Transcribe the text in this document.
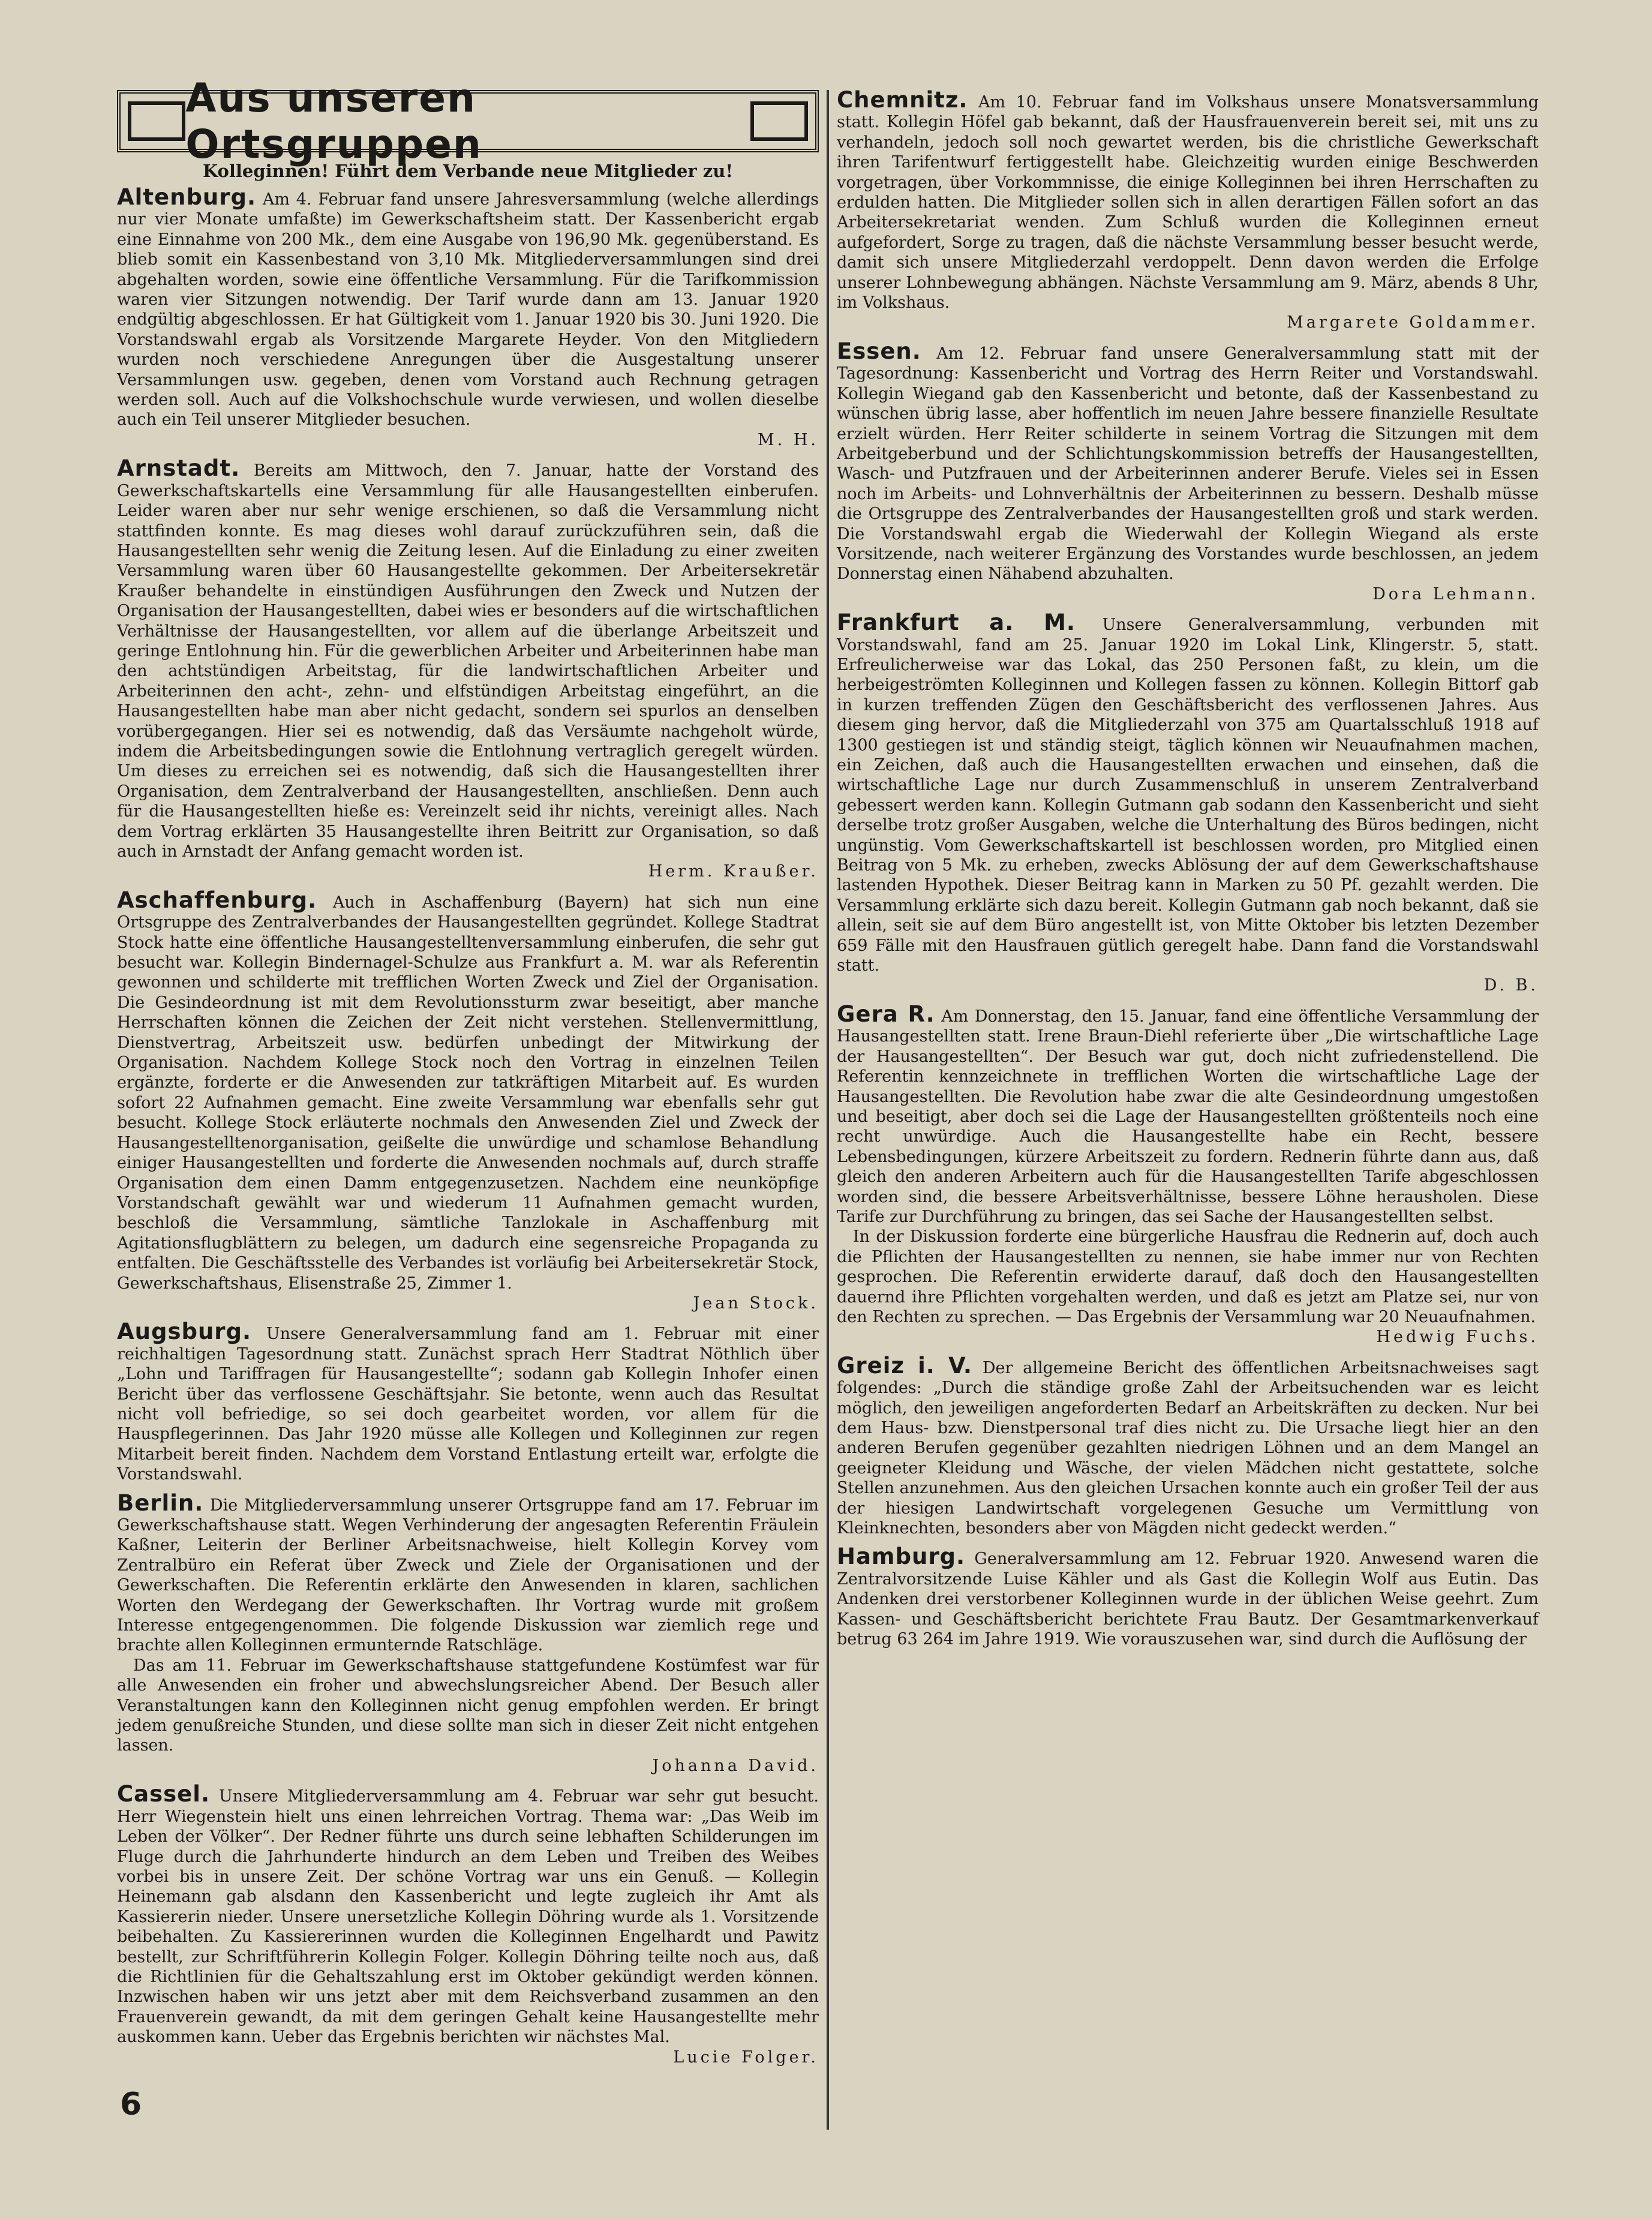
Aus unseren Ortsgruppen
Kolleginnen! Führt dem Verbande neue Mitglieder zu!

Altenburg. Am 4. Februar fand unsere Jahresversammlung (welche allerdings nur vier Monate umfaßte) im Gewerkschaftsheim statt. Der Kassenbericht ergab eine Einnahme von 200 Mk., dem eine Ausgabe von 196,90 Mk. gegenüberstand. Es blieb somit ein Kassenbestand von 3,10 Mk. Mitgliederversammlungen sind drei abgehalten worden, sowie eine öffentliche Versammlung. Für die Tarifkommission waren vier Sitzungen notwendig. Der Tarif wurde dann am 13. Januar 1920 endgültig abgeschlossen. Er hat Gültigkeit vom 1. Januar 1920 bis 30. Juni 1920. Die Vorstandswahl ergab als Vorsitzende Margarete Heyder. Von den Mitgliedern wurden noch verschiedene Anregungen über die Ausgestaltung unserer Versammlungen usw. gegeben, denen vom Vorstand auch Rechnung getragen werden soll. Auch auf die Volkshochschule wurde verwiesen, und wollen dieselbe auch ein Teil unserer Mitglieder besuchen.
M. H.

Arnstadt. Bereits am Mittwoch, den 7. Januar, hatte der Vorstand des Gewerkschaftskartells eine Versammlung für alle Hausangestellten einberufen. Leider waren aber nur sehr wenige erschienen, so daß die Versammlung nicht stattfinden konnte. Es mag dieses wohl darauf zurückzuführen sein, daß die Hausangestellten sehr wenig die Zeitung lesen. Auf die Einladung zu einer zweiten Versammlung waren über 60 Hausangestellte gekommen. Der Arbeitersekretär Kraußer behandelte in einstündigen Ausführungen den Zweck und Nutzen der Organisation der Hausangestellten, dabei wies er besonders auf die wirtschaftlichen Verhältnisse der Hausangestellten, vor allem auf die überlange Arbeitszeit und geringe Entlohnung hin. Für die gewerblichen Arbeiter und Arbeiterinnen habe man den achtstündigen Arbeitstag, für die landwirtschaftlichen Arbeiter und Arbeiterinnen den acht-, zehn- und elfstündigen Arbeitstag eingeführt, an die Hausangestellten habe man aber nicht gedacht, sondern sei spurlos an denselben vorübergegangen. Hier sei es notwendig, daß das Versäumte nachgeholt würde, indem die Arbeitsbedingungen sowie die Entlohnung vertraglich geregelt würden. Um dieses zu erreichen sei es notwendig, daß sich die Hausangestellten ihrer Organisation, dem Zentralverband der Hausangestellten, anschließen. Denn auch für die Hausangestellten hieße es: Vereinzelt seid ihr nichts, vereinigt alles. Nach dem Vortrag erklärten 35 Hausangestellte ihren Beitritt zur Organisation, so daß auch in Arnstadt der Anfang gemacht worden ist.
Herm. Kraußer.

Aschaffenburg. Auch in Aschaffenburg (Bayern) hat sich nun eine Ortsgruppe des Zentralverbandes der Hausangestellten gegründet. Kollege Stadtrat Stock hatte eine öffentliche Hausangestelltenversammlung einberufen, die sehr gut besucht war. Kollegin Bindernagel-Schulze aus Frankfurt a. M. war als Referentin gewonnen und schilderte mit trefflichen Worten Zweck und Ziel der Organisation. Die Gesindeordnung ist mit dem Revolutionssturm zwar beseitigt, aber manche Herrschaften können die Zeichen der Zeit nicht verstehen. Stellenvermittlung, Dienstvertrag, Arbeitszeit usw. bedürfen unbedingt der Mitwirkung der Organisation. Nachdem Kollege Stock noch den Vortrag in einzelnen Teilen ergänzte, forderte er die Anwesenden zur tatkräftigen Mitarbeit auf. Es wurden sofort 22 Aufnahmen gemacht. Eine zweite Versammlung war ebenfalls sehr gut besucht. Kollege Stock erläuterte nochmals den Anwesenden Ziel und Zweck der Hausangestelltenorganisation, geißelte die unwürdige und schamlose Behandlung einiger Hausangestellten und forderte die Anwesenden nochmals auf, durch straffe Organisation dem einen Damm entgegenzusetzen. Nachdem eine neunköpfige Vorstandschaft gewählt war und wiederum 11 Aufnahmen gemacht wurden, beschloß die Versammlung, sämtliche Tanzlokale in Aschaffenburg mit Agitationsflugblättern zu belegen, um dadurch eine segensreiche Propaganda zu entfalten. Die Geschäftsstelle des Verbandes ist vorläufig bei Arbeitersekretär Stock, Gewerkschaftshaus, Elisenstraße 25, Zimmer 1.
Jean Stock.

Augsburg. Unsere Generalversammlung fand am 1. Februar mit einer reichhaltigen Tagesordnung statt. Zunächst sprach Herr Stadtrat Nöthlich über „Lohn und Tariffragen für Hausangestellte“; sodann gab Kollegin Inhofer einen Bericht über das verflossene Geschäftsjahr. Sie betonte, wenn auch das Resultat nicht voll befriedige, so sei doch gearbeitet worden, vor allem für die Hauspflegerinnen. Das Jahr 1920 müsse alle Kollegen und Kolleginnen zur regen Mitarbeit bereit finden. Nachdem dem Vorstand Entlastung erteilt war, erfolgte die Vorstandswahl.

Berlin. Die Mitgliederversammlung unserer Ortsgruppe fand am 17. Februar im Gewerkschaftshause statt. Wegen Verhinderung der angesagten Referentin Fräulein Kaßner, Leiterin der Berliner Arbeitsnachweise, hielt Kollegin Korvey vom Zentralbüro ein Referat über Zweck und Ziele der Organisationen und der Gewerkschaften. Die Referentin erklärte den Anwesenden in klaren, sachlichen Worten den Werdegang der Gewerkschaften. Ihr Vortrag wurde mit großem Interesse entgegengenommen. Die folgende Diskussion war ziemlich rege und brachte allen Kolleginnen ermunternde Ratschläge.

 Das am 11. Februar im Gewerkschaftshause stattgefundene Kostümfest war für alle Anwesenden ein froher und abwechslungsreicher Abend. Der Besuch aller Veranstaltungen kann den Kolleginnen nicht genug empfohlen werden. Er bringt jedem genußreiche Stunden, und diese sollte man sich in dieser Zeit nicht entgehen lassen.
Johanna David.

Cassel. Unsere Mitgliederversammlung am 4. Februar war sehr gut besucht. Herr Wiegenstein hielt uns einen lehrreichen Vortrag. Thema war: „Das Weib im Leben der Völker“. Der Redner führte uns durch seine lebhaften Schilderungen im Fluge durch die Jahrhunderte hindurch an dem Leben und Treiben des Weibes vorbei bis in unsere Zeit. Der schöne Vortrag war uns ein Genuß. — Kollegin Heinemann gab alsdann den Kassenbericht und legte zugleich ihr Amt als Kassiererin nieder. Unsere unersetzliche Kollegin Döhring wurde als 1. Vorsitzende beibehalten. Zu Kassiererinnen wurden die Kolleginnen Engelhardt und Pawitz bestellt, zur Schriftführerin Kollegin Folger. Kollegin Döhring teilte noch aus, daß die Richtlinien für die Gehaltszahlung erst im Oktober gekündigt werden können. Inzwischen haben wir uns jetzt aber mit dem Reichsverband zusammen an den Frauenverein gewandt, da mit dem geringen Gehalt keine Hausangestellte mehr auskommen kann. Ueber das Ergebnis berichten wir nächstes Mal.
Lucie Folger.

Chemnitz. Am 10. Februar fand im Volkshaus unsere Monatsversammlung statt. Kollegin Höfel gab bekannt, daß der Hausfrauenverein bereit sei, mit uns zu verhandeln, jedoch soll noch gewartet werden, bis die christliche Gewerkschaft ihren Tarifentwurf fertiggestellt habe. Gleichzeitig wurden einige Beschwerden vorgetragen, über Vorkommnisse, die einige Kolleginnen bei ihren Herrschaften zu erdulden hatten. Die Mitglieder sollen sich in allen derartigen Fällen sofort an das Arbeitersekretariat wenden. Zum Schluß wurden die Kolleginnen erneut aufgefordert, Sorge zu tragen, daß die nächste Versammlung besser besucht werde, damit sich unsere Mitgliederzahl verdoppelt. Denn davon werden die Erfolge unserer Lohnbewegung abhängen. Nächste Versammlung am 9. März, abends 8 Uhr, im Volkshaus.
Margarete Goldammer.

Essen. Am 12. Februar fand unsere Generalversammlung statt mit der Tagesordnung: Kassenbericht und Vortrag des Herrn Reiter und Vorstandswahl. Kollegin Wiegand gab den Kassenbericht und betonte, daß der Kassenbestand zu wünschen übrig lasse, aber hoffentlich im neuen Jahre bessere finanzielle Resultate erzielt würden. Herr Reiter schilderte in seinem Vortrag die Sitzungen mit dem Arbeitgeberbund und der Schlichtungskommission betreffs der Hausangestellten, Wasch- und Putzfrauen und der Arbeiterinnen anderer Berufe. Vieles sei in Essen noch im Arbeits- und Lohnverhältnis der Arbeiterinnen zu bessern. Deshalb müsse die Ortsgruppe des Zentralverbandes der Hausangestellten groß und stark werden. Die Vorstandswahl ergab die Wiederwahl der Kollegin Wiegand als erste Vorsitzende, nach weiterer Ergänzung des Vorstandes wurde beschlossen, an jedem Donnerstag einen Nähabend abzuhalten.
Dora Lehmann.

Frankfurt a. M. Unsere Generalversammlung, verbunden mit Vorstandswahl, fand am 25. Januar 1920 im Lokal Link, Klingerstr. 5, statt. Erfreulicherweise war das Lokal, das 250 Personen faßt, zu klein, um die herbeigeströmten Kolleginnen und Kollegen fassen zu können. Kollegin Bittorf gab in kurzen treffenden Zügen den Geschäftsbericht des verflossenen Jahres. Aus diesem ging hervor, daß die Mitgliederzahl von 375 am Quartalsschluß 1918 auf 1300 gestiegen ist und ständig steigt, täglich können wir Neuaufnahmen machen, ein Zeichen, daß auch die Hausangestellten erwachen und einsehen, daß die wirtschaftliche Lage nur durch Zusammenschluß in unserem Zentralverband gebessert werden kann. Kollegin Gutmann gab sodann den Kassenbericht und sieht derselbe trotz großer Ausgaben, welche die Unterhaltung des Büros bedingen, nicht ungünstig. Vom Gewerkschaftskartell ist beschlossen worden, pro Mitglied einen Beitrag von 5 Mk. zu erheben, zwecks Ablösung der auf dem Gewerkschaftshause lastenden Hypothek. Dieser Beitrag kann in Marken zu 50 Pf. gezahlt werden. Die Versammlung erklärte sich dazu bereit. Kollegin Gutmann gab noch bekannt, daß sie allein, seit sie auf dem Büro angestellt ist, von Mitte Oktober bis letzten Dezember 659 Fälle mit den Hausfrauen gütlich geregelt habe. Dann fand die Vorstandswahl statt.
D. B.

Gera R. Am Donnerstag, den 15. Januar, fand eine öffentliche Versammlung der Hausangestellten statt. Irene Braun-Diehl referierte über „Die wirtschaftliche Lage der Hausangestellten“. Der Besuch war gut, doch nicht zufriedenstellend. Die Referentin kennzeichnete in trefflichen Worten die wirtschaftliche Lage der Hausangestellten. Die Revolution habe zwar die alte Gesindeordnung umgestoßen und beseitigt, aber doch sei die Lage der Hausangestellten größtenteils noch eine recht unwürdige. Auch die Hausangestellte habe ein Recht, bessere Lebensbedingungen, kürzere Arbeitszeit zu fordern. Rednerin führte dann aus, daß gleich den anderen Arbeitern auch für die Hausangestellten Tarife abgeschlossen worden sind, die bessere Arbeitsverhältnisse, bessere Löhne herausholen. Diese Tarife zur Durchführung zu bringen, das sei Sache der Hausangestellten selbst.

 In der Diskussion forderte eine bürgerliche Hausfrau die Rednerin auf, doch auch die Pflichten der Hausangestellten zu nennen, sie habe immer nur von Rechten gesprochen. Die Referentin erwiderte darauf, daß doch den Hausangestellten dauernd ihre Pflichten vorgehalten werden, und daß es jetzt am Platze sei, nur von den Rechten zu sprechen. — Das Ergebnis der Versammlung war 20 Neuaufnahmen.
Hedwig Fuchs.

Greiz i. V. Der allgemeine Bericht des öffentlichen Arbeitsnachweises sagt folgendes: „Durch die ständige große Zahl der Arbeitsuchenden war es leicht möglich, den jeweiligen angeforderten Bedarf an Arbeitskräften zu decken. Nur bei dem Haus- bzw. Dienstpersonal traf dies nicht zu. Die Ursache liegt hier an den anderen Berufen gegenüber gezahlten niedrigen Löhnen und an dem Mangel an geeigneter Kleidung und Wäsche, der vielen Mädchen nicht gestattete, solche Stellen anzunehmen. Aus den gleichen Ursachen konnte auch ein großer Teil der aus der hiesigen Landwirtschaft vorgelegenen Gesuche um Vermittlung von Kleinknechten, besonders aber von Mägden nicht gedeckt werden.“

Hamburg. Generalversammlung am 12. Februar 1920. Anwesend waren die Zentralvorsitzende Luise Kähler und als Gast die Kollegin Wolf aus Eutin. Das Andenken drei verstorbener Kolleginnen wurde in der üblichen Weise geehrt. Zum Kassen- und Geschäftsbericht berichtete Frau Bautz. Der Gesamtmarkenverkauf betrug 63 264 im Jahre 1919. Wie vorauszusehen war, sind durch die Auflösung der

6
